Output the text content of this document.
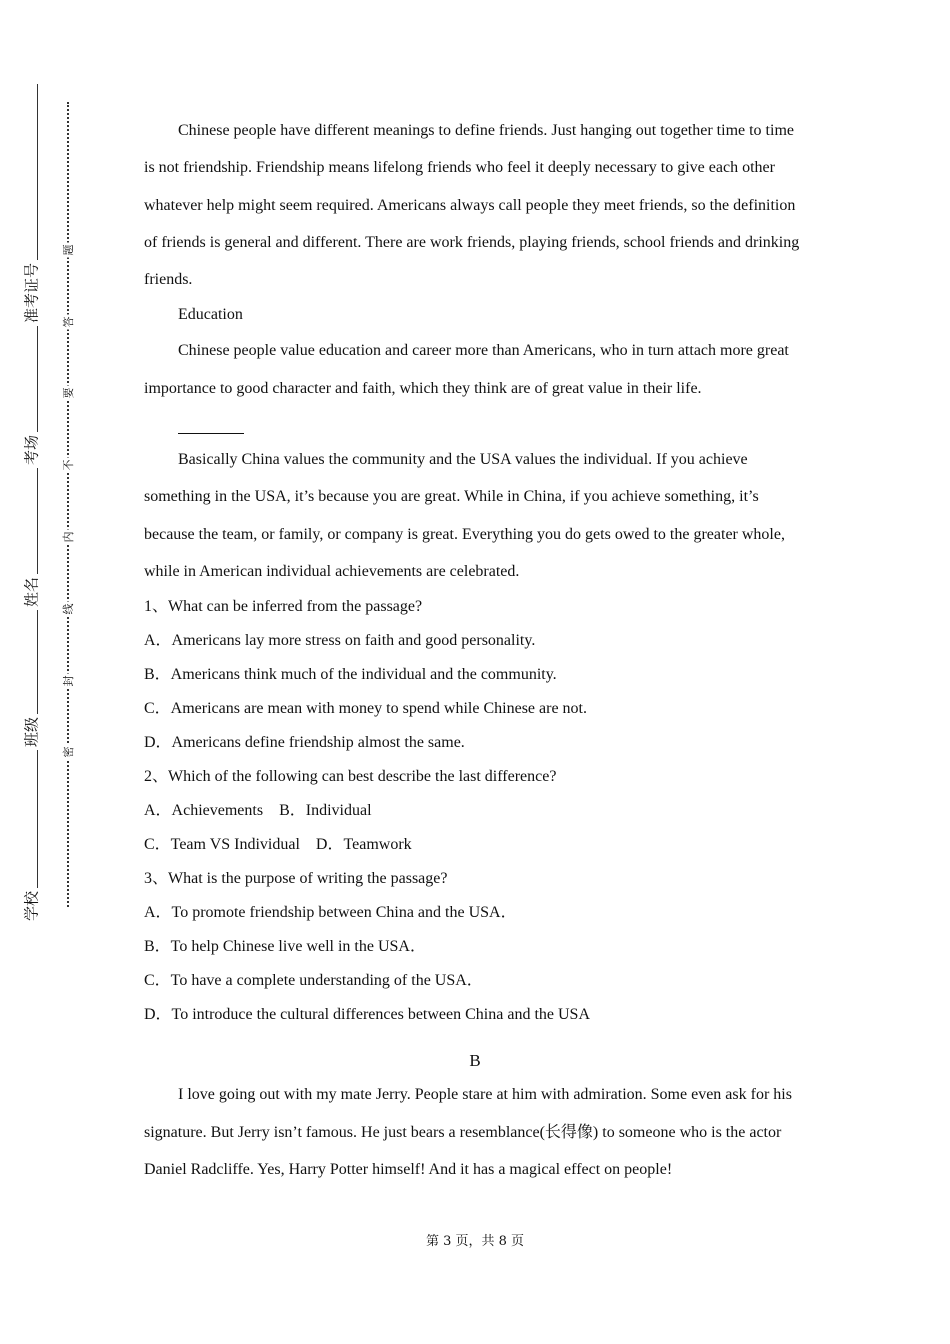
准考证号
考场
姓名
班级
学校
题
答
要
不
内
线
封
密

Chinese people have different meanings to define friends. Just hanging out together time to time is not friendship. Friendship means lifelong friends who feel it deeply necessary to give each other whatever help might seem required. Americans always call people they meet friends, so the definition of friends is general and different. There are work friends, playing friends, school friends and drinking friends.

Education

Chinese people value education and career more than Americans, who in turn attach more great importance to good character and faith, which they think are of great value in their life.

Basically China values the community and the USA values the individual. If you achieve something in the USA, it’s because you are great. While in China, if you achieve something, it’s because the team, or family, or company is great. Everything you do gets owed to the greater whole, while in American individual achievements are celebrated.

1、What can be inferred from the passage?

A．Americans lay more stress on faith and good personality.

B．Americans think much of the individual and the community.

C．Americans are mean with money to spend while Chinese are not.

D．Americans define friendship almost the same.

2、Which of the following can best describe the last difference?

A．Achievements　B．Individual

C．Team VS Individual　D．Teamwork

3、What is the purpose of writing the passage?

A．To promote friendship between China and the USA．

B．To help Chinese live well in the USA．

C．To have a complete understanding of the USA．

D．To introduce the cultural differences between China and the USA

B

I love going out with my mate Jerry. People stare at him with admiration. Some even ask for his signature. But Jerry isn’t famous. He just bears a resemblance(长得像) to someone who is the actor Daniel Radcliffe. Yes, Harry Potter himself! And it has a magical effect on people!

第 3 页，共 8 页
